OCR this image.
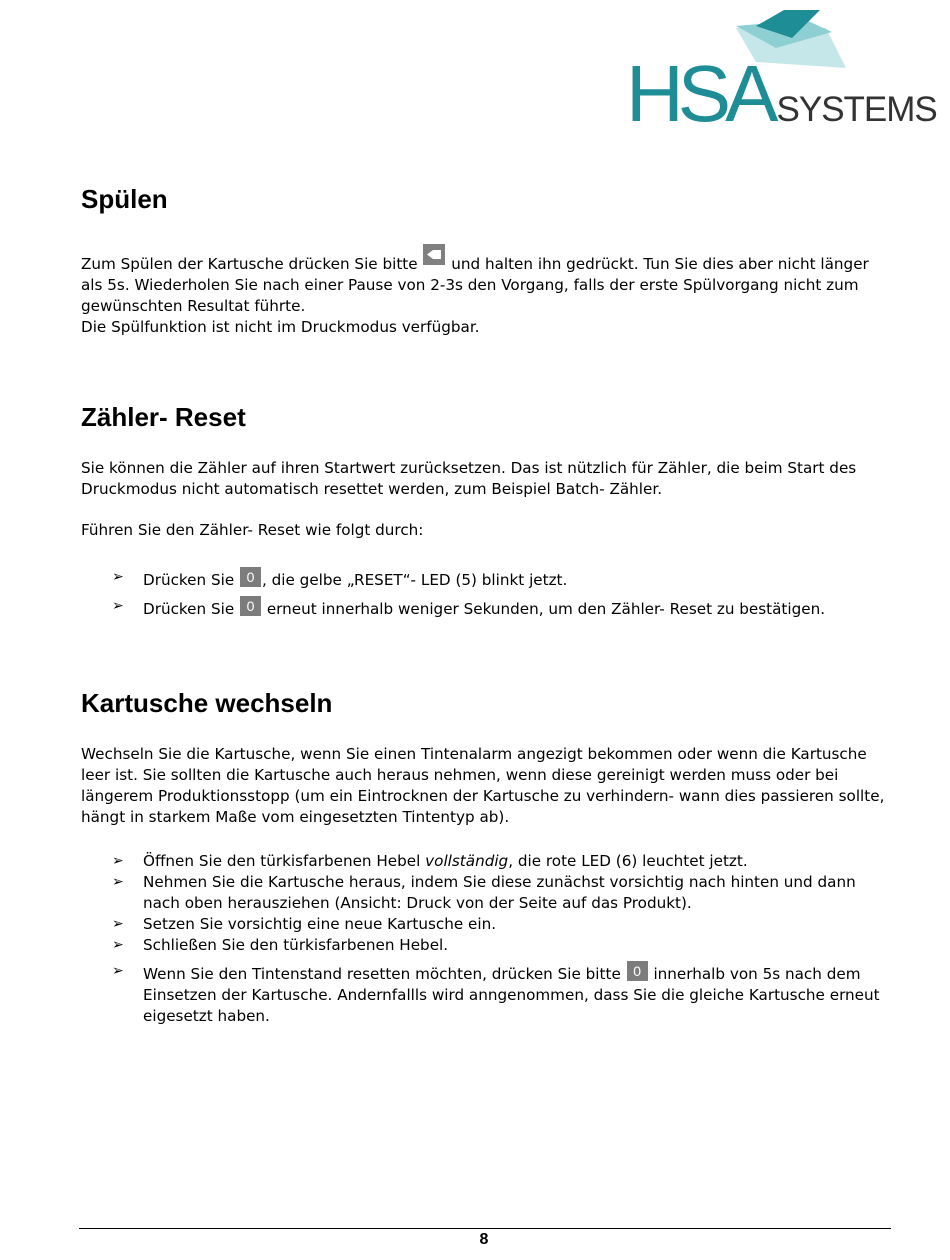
HSA SYSTEMS
Spülen

Zum Spülen der Kartusche drücken Sie bitte und halten ihn gedrückt. Tun Sie dies aber nicht länger als 5s. Wiederholen Sie nach einer Pause von 2-3s den Vorgang, falls der erste Spülvorgang nicht zum gewünschten Resultat führte.

Die Spülfunktion ist nicht im Druckmodus verfügbar.

Zähler- Reset
Sie können die Zähler auf ihren Startwert zurücksetzen. Das ist nützlich für Zähler, die beim Start des Druckmodus nicht automatisch resettet werden, zum Beispiel Batch- Zähler.
Führen Sie den Zähler- Reset wie folgt durch:
➢ Drücken Sie 0 , die gelbe „RESET“- LED (5) blinkt jetzt.
➢ Drücken Sie 0 erneut innerhalb weniger Sekunden, um den Zähler- Reset zu bestätigen.
Kartusche wechseln
Wechseln Sie die Kartusche, wenn Sie einen Tintenalarm angezigt bekommen oder wenn die Kartusche leer ist. Sie sollten die Kartusche auch heraus nehmen, wenn diese gereinigt werden muss oder bei längerem Produktionsstopp (um ein Eintrocknen der Kartusche zu verhindern- wann dies passieren sollte, hängt in starkem Maße vom eingesetzten Tintentyp ab).
➢ Öffnen Sie den türkisfarbenen Hebel vollständig, die rote LED (6) leuchtet jetzt.
➢ Nehmen Sie die Kartusche heraus, indem Sie diese zunächst vorsichtig nach hinten und dann nach oben herausziehen (Ansicht: Druck von der Seite auf das Produkt).
➢ Setzen Sie vorsichtig eine neue Kartusche ein.
➢ Schließen Sie den türkisfarbenen Hebel.
➢ Wenn Sie den Tintenstand resetten möchten, drücken Sie bitte 0 innerhalb von 5s nach dem Einsetzen der Kartusche. Andernfallls wird anngenommen, dass Sie die gleiche Kartusche erneut eigesetzt haben.
8
